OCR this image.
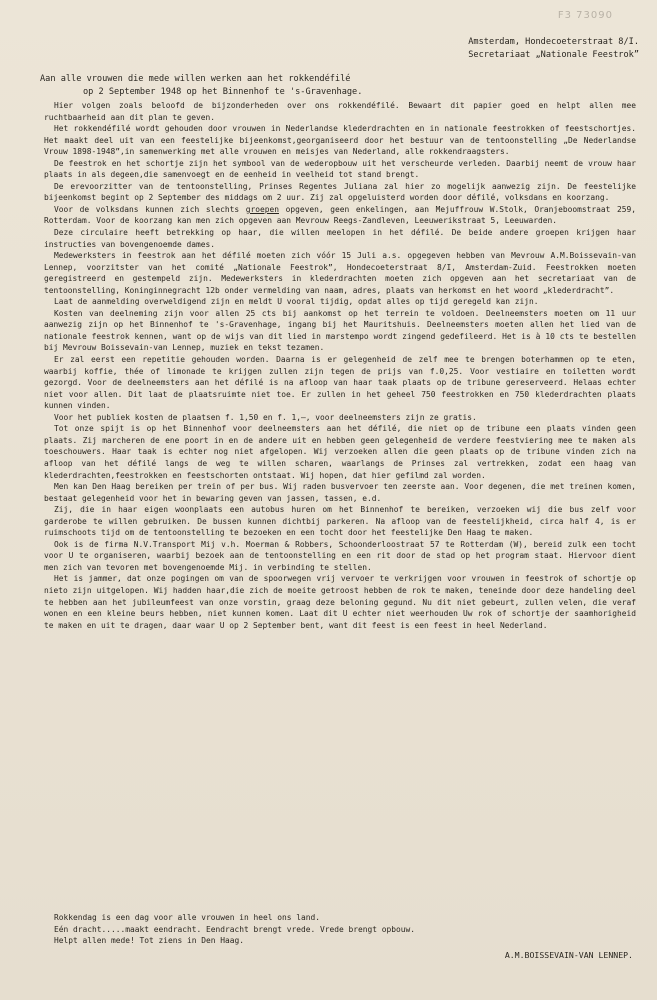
F3 73090
Amsterdam, Hondecoeterstraat 8/I.
Secretariaat „Nationale Feestrok”
Aan alle vrouwen die mede willen werken aan het rokkendéfilé
op 2 September 1948 op het Binnenhof te 's-Gravenhage.

Hier volgen zoals beloofd de bijzonderheden over ons rokkendéfilé. Bewaart dit papier goed en helpt allen mee ruchtbaarheid aan dit plan te geven.

Het rokkendéfilé wordt gehouden door vrouwen in Nederlandse klederdrachten en in nationale feestrokken of feestschortjes. Het maakt deel uit van een feestelijke bijeenkomst,georganiseerd door het bestuur van de tentoonstelling „De Nederlandse Vrouw 1898-1948”,in samenwerking met alle vrouwen en meisjes van Nederland, alle rokkendraagsters.

De feestrok en het schortje zijn het symbool van de wederopbouw uit het verscheurde verleden. Daarbij neemt de vrouw haar plaats in als degeen,die samenvoegt en de eenheid in veelheid tot stand brengt.

De erevoorzitter van de tentoonstelling, Prinses Regentes Juliana zal hier zo mogelijk aanwezig zijn. De feestelijke bijeenkomst begint op 2 September des middags om 2 uur. Zij zal opgeluisterd worden door défilé, volksdans en koorzang.

Voor de volksdans kunnen zich slechts groepen opgeven, geen enkelingen, aan Mejuffrouw W.Stolk, Oranjeboomstraat 259, Rotterdam. Voor de koorzang kan men zich opgeven aan Mevrouw Reegs-Zandleven, Leeuwerikstraat 5, Leeuwarden.

Deze circulaire heeft betrekking op haar, die willen meelopen in het défilé. De beide andere groepen krijgen haar instructies van bovengenoemde dames.

Medewerksters in feestrok aan het défilé moeten zich vóór 15 Juli a.s. opgegeven hebben van Mevrouw A.M.Boissevain-van Lennep, voorzitster van het comité „Nationale Feestrok”, Hondecoeterstraat 8/I, Amsterdam-Zuid. Feestrokken moeten geregistreerd en gestempeld zijn. Medewerksters in klederdrachten moeten zich opgeven aan het secretariaat van de tentoonstelling, Koninginnegracht 12b onder vermelding van naam, adres, plaats van herkomst en het woord „klederdracht”.

Laat de aanmelding overweldigend zijn en meldt U vooral tijdig, opdat alles op tijd geregeld kan zijn.

Kosten van deelneming zijn voor allen 25 cts bij aankomst op het terrein te voldoen. Deelneemsters moeten om 11 uur aanwezig zijn op het Binnenhof te 's-Gravenhage, ingang bij het Mauritshuis. Deelneemsters moeten allen het lied van de nationale feestrok kennen, want op de wijs van dit lied in marstempo wordt zingend gedefileerd. Het is à 10 cts te bestellen bij Mevrouw Boissevain-van Lennep, muziek en tekst tezamen.

Er zal eerst een repetitie gehouden worden. Daarna is er gelegenheid de zelf mee te brengen boterhammen op te eten, waarbij koffie, thée of limonade te krijgen zullen zijn tegen de prijs van f.0,25. Voor vestiaire en toiletten wordt gezorgd. Voor de deelneemsters aan het défilé is na afloop van haar taak plaats op de tribune gereserveerd. Helaas echter niet voor allen. Dit laat de plaatsruimte niet toe. Er zullen in het geheel 750 feestrokken en 750 klederdrachten plaats kunnen vinden.

Voor het publiek kosten de plaatsen f. 1,50 en f. 1,—, voor deelneemsters zijn ze gratis.

Tot onze spijt is op het Binnenhof voor deelneemsters aan het défilé, die niet op de tribune een plaats vinden geen plaats. Zij marcheren de ene poort in en de andere uit en hebben geen gelegenheid de verdere feestviering mee te maken als toeschouwers. Haar taak is echter nog niet afgelopen. Wij verzoeken allen die geen plaats op de tribune vinden zich na afloop van het défilé langs de weg te willen scharen, waarlangs de Prinses zal vertrekken, zodat een haag van klederdrachten,feestrokken en feestschorten ontstaat. Wij hopen, dat hier gefilmd zal worden.

Men kan Den Haag bereiken per trein of per bus. Wij raden busvervoer ten zeerste aan. Voor degenen, die met treinen komen, bestaat gelegenheid voor het in bewaring geven van jassen, tassen, e.d.

Zij, die in haar eigen woonplaats een autobus huren om het Binnenhof te bereiken, verzoeken wij die bus zelf voor garderobe te willen gebruiken. De bussen kunnen dichtbij parkeren. Na afloop van de feestelijkheid, circa half 4, is er ruimschoots tijd om de tentoonstelling te bezoeken en een tocht door het feestelijke Den Haag te maken.

Ook is de firma N.V.Transport Mij v.h. Moerman & Robbers, Schoonderloostraat 57 te Rotterdam (W), bereid zulk een tocht voor U te organiseren, waarbij bezoek aan de tentoonstelling en een rit door de stad op het program staat. Hiervoor dient men zich van tevoren met bovengenoemde Mij. in verbinding te stellen.

Het is jammer, dat onze pogingen om van de spoorwegen vrij vervoer te verkrijgen voor vrouwen in feestrok of schortje op nieto zijn uitgelopen. Wij hadden haar,die zich de moeite getroost hebben de rok te maken, teneinde door deze handeling deel te hebben aan het jubileumfeest van onze vorstin, graag deze beloning gegund. Nu dit niet gebeurt, zullen velen, die veraf wonen en een kleine beurs hebben, niet kunnen komen. Laat dit U echter niet weerhouden Uw rok of schortje der saamhorigheid te maken en uit te dragen, daar waar U op 2 September bent, want dit feest is een feest in heel Nederland.

Rokkendag is een dag voor alle vrouwen in heel ons land.
Eén dracht.....maakt eendracht. Eendracht brengt vrede. Vrede brengt opbouw.
Helpt allen mede! Tot ziens in Den Haag.
A.M.BOISSEVAIN-VAN LENNEP.
